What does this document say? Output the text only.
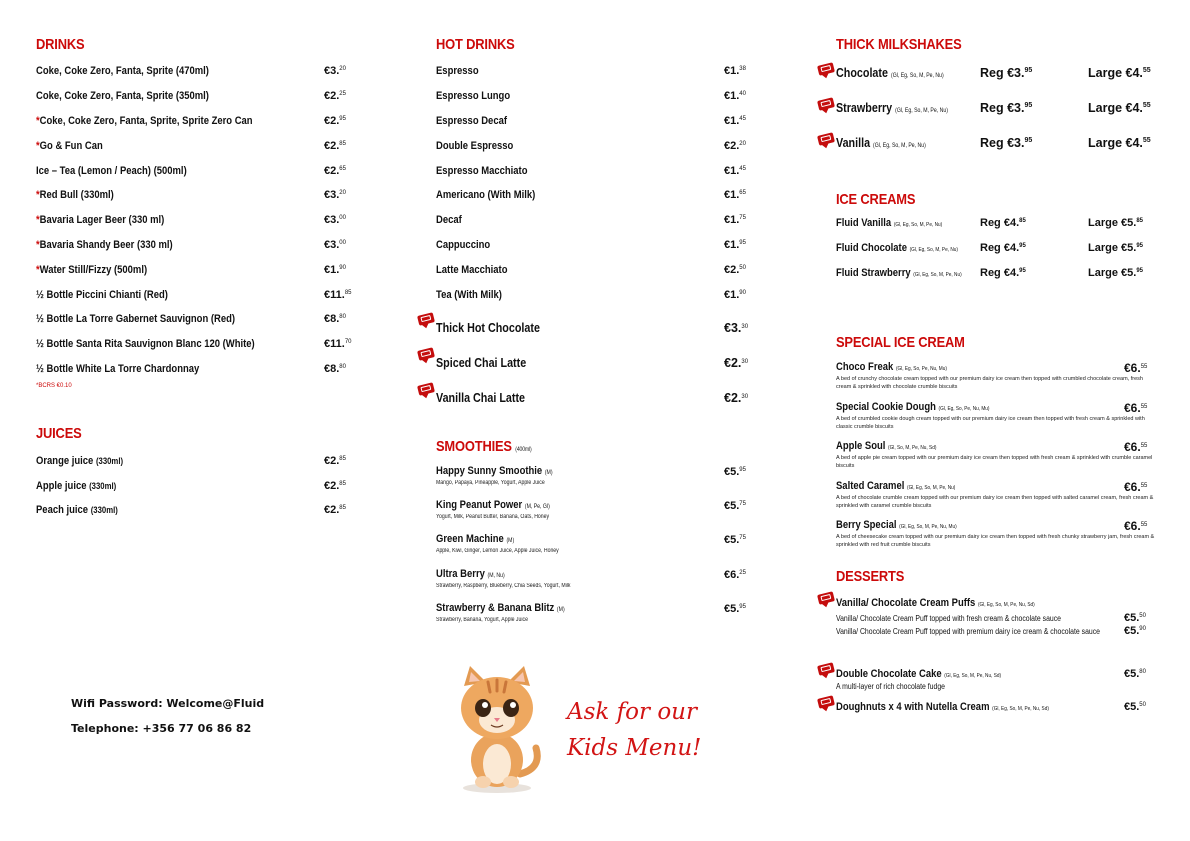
DRINKS
Coke, Coke Zero, Fanta, Sprite (470ml)	€3.20
Coke, Coke Zero, Fanta, Sprite (350ml)	€2.25
*Coke, Coke Zero, Fanta, Sprite, Sprite Zero Can	€2.95
*Go & Fun Can	€2.85
Ice – Tea (Lemon / Peach) (500ml)	€2.65
*Red Bull (330ml)	€3.20
*Bavaria Lager Beer (330 ml)	€3.00
*Bavaria Shandy Beer (330 ml)	€3.00
*Water Still/Fizzy (500ml)	€1.90
½ Bottle Piccini Chianti (Red)	€11.85
½ Bottle La Torre Gabernet Sauvignon (Red)	€8.80
½ Bottle Santa Rita Sauvignon Blanc 120 (White)	€11.70
½ Bottle White La Torre Chardonnay	€8.80
*BCRS €0.10
JUICES
Orange juice (330ml)	€2.85
Apple juice (330ml)	€2.85
Peach juice (330ml)	€2.85
Wifi Password: Welcome@Fluid
Telephone: +356 77 06 86 82
HOT DRINKS
Espresso	€1.38
Espresso Lungo	€1.40
Espresso Decaf	€1.45
Double Espresso	€2.20
Espresso Macchiato	€1.45
Americano (With Milk)	€1.65
Decaf	€1.75
Cappuccino	€1.95
Latte Macchiato	€2.50
Tea (With Milk)	€1.90
Thick Hot Chocolate	€3.30
Spiced Chai Latte	€2.30
Vanilla Chai Latte	€2.30
SMOOTHIES (400ml)
Happy Sunny Smoothie (M)
Mango, Papaya, Pineapple, Yogurt, Apple Juice
€5.95
King Peanut Power (M, Pe, Gl)
Yogurt, Milk, Peanut Butter, Banana, Oats, Honey
€5.75
Green Machine (M)
Apple, Kiwi, Ginger, Lemon Juice, Apple Juice, Honey
€5.75
Ultra Berry (M, Nu)
Strawberry, Raspberry, Blueberry, Chia Seeds, Yogurt, Milk
€6.25
Strawberry & Banana Blitz (M)
Strawberry, Banana, Yogurt, Apple Juice
€5.95
Ask for our
Kids Menu!
THICK MILKSHAKES
Chocolate (Gl, Eg, So, M, Pe, Nu)	Reg €3.95	Large €4.55
Strawberry (Gl, Eg, So, M, Pe, Nu)	Reg €3.95	Large €4.55
Vanilla (Gl, Eg, So, M, Pe, Nu)	Reg €3.95	Large €4.55
ICE CREAMS
Fluid Vanilla (Gl, Eg, So, M, Pe, Nu)	Reg €4.85	Large €5.85
Fluid Chocolate (Gl, Eg, So, M, Pe, Nu) Reg €4.95	Large €5.95
Fluid Strawberry (Gl, Eg, So, M, Pe, Nu) Reg €4.95	Large €5.95
SPECIAL ICE CREAM
Choco Freak (Gl, Eg, So, Pe, Nu, Mu)
A bed of crunchy chocolate cream topped with our premium dairy ice cream then topped with crumbled chocolate cream, fresh cream & sprinkled with chocolate crumble biscuits
€6.55
Special Cookie Dough (Gl, Eg, So, Pe, Nu, Mu)
A bed of crumbled cookie dough cream topped with our premium dairy ice cream then topped with fresh cream & sprinkled with classic crumble biscuits
€6.55
Apple Soul (Gl, So, M, Pe, Nu, Sd)
A bed of apple pie cream topped with our premium dairy ice cream then topped with fresh cream & sprinkled with crumble caramel biscuits
€6.55
Salted Caramel (Gl, Eg, So, M, Pe, Nu)
A bed of chocolate crumble cream topped with our premium dairy ice cream then topped with salted caramel cream, fresh cream & sprinkled with caramel crumble biscuits
€6.55
Berry Special (Gl, Eg, So, M, Pe, Nu, Mu)
A bed of cheesecake cream topped with our premium dairy ice cream then topped with fresh chunky strawberry jam, fresh cream & sprinkled with red fruit crumble biscuits
€6.55
DESSERTS
Vanilla/ Chocolate Cream Puffs (Gl, Eg, So, M, Pe, Nu, Sd)
Vanilla/ Chocolate Cream Puff topped with fresh cream & chocolate sauce	€5.50
Vanilla/ Chocolate Cream Puff topped with premium dairy ice cream & chocolate sauce €5.90
Double Chocolate Cake (Gl, Eg, So, M, Pe, Nu, Sd)
A multi-layer of rich chocolate fudge
€5.80
Doughnuts x 4 with Nutella Cream (Gl, Eg, So, M, Pe, Nu, Sd)	€5.50
